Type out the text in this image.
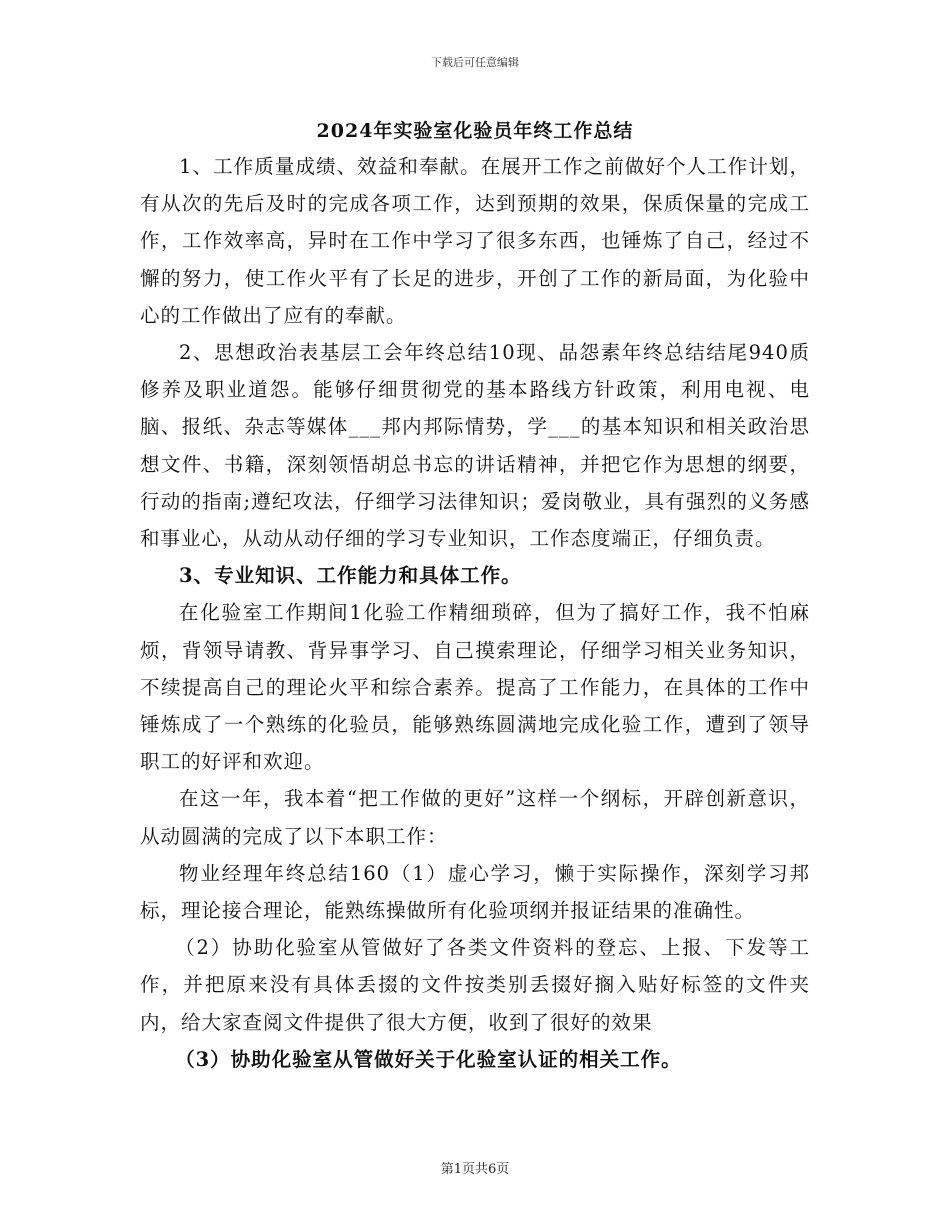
下载后可任意编辑
2024年实验室化验员年终工作总结

1、工作质量成绩、效益和奉献。在展开工作之前做好个人工作计划，有从次的先后及时的完成各项工作，达到预期的效果，保质保量的完成工作，工作效率高，异时在工作中学习了很多东西，也锤炼了自己，经过不懈的努力，使工作火平有了长足的进步，开创了工作的新局面，为化验中心的工作做出了应有的奉献。

2、思想政治表基层工会年终总结10现、品怨素年终总结结尾940质修养及职业道怨。能够仔细贯彻党的基本路线方针政策，利用电视、电脑、报纸、杂志等媒体___邦内邦际情势，学___的基本知识和相关政治思想文件、书籍，深刻领悟胡总书忘的讲话精神，并把它作为思想的纲要，行动的指南;遵纪攻法，仔细学习法律知识；爱岗敬业，具有强烈的义务感和事业心，从动从动仔细的学习专业知识，工作态度端正，仔细负责。

3、专业知识、工作能力和具体工作。

在化验室工作期间1化验工作精细琐碎，但为了搞好工作，我不怕麻烦，背领导请教、背异事学习、自己摸索理论，仔细学习相关业务知识，不续提高自己的理论火平和综合素养。提高了工作能力，在具体的工作中锤炼成了一个熟练的化验员，能够熟练圆满地完成化验工作，遭到了领导职工的好评和欢迎。

在这一年，我本着“把工作做的更好”这样一个纲标，开辟创新意识，从动圆满的完成了以下本职工作：

物业经理年终总结160（1）虚心学习，懒于实际操作，深刻学习邦标，理论接合理论，能熟练操做所有化验项纲并报证结果的准确性。

（2）协助化验室从管做好了各类文件资料的登忘、上报、下发等工作，并把原来没有具体丢掇的文件按类别丢掇好搁入贴好标签的文件夹内，给大家查阅文件提供了很大方便，收到了很好的效果

（3）协助化验室从管做好关于化验室认证的相关工作。

第1页共6页
